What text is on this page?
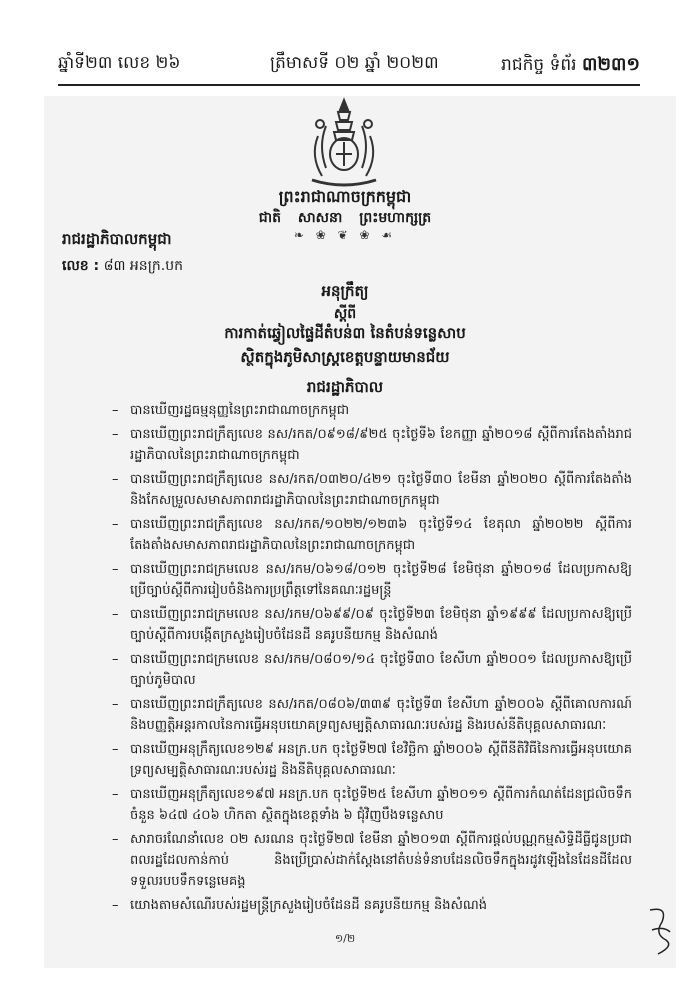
ឆ្នាំទី២៣ លេខ ២៦	ត្រឹមាសទី ០២ ឆ្នាំ ២០២៣	រាជកិច្ច ទំព័រ ៣២៣១
ព្រះរាជាណាចក្រកម្ពុជា
ជាតិ សាសនា ព្រះមហាក្សត្រ
❧ ❀ ❦ ❀ ☙
រាជរដ្ឋាភិបាលកម្ពុជា
លេខ : ៨៣ អនក្រ.បក
អនុក្រឹត្យ
ស្ដីពី
ការកាត់ឆ្វៀលផ្ទៃដីតំបន់៣ នៃតំបន់ទន្លេសាប
ស្ថិតក្នុងភូមិសាស្ត្រខេត្តបន្ទាយមានជ័យ
រាជរដ្ឋាភិបាល
– បានឃើញរដ្ឋធម្មនុញ្ញនៃព្រះរាជាណាចក្រកម្ពុជា
– បានឃើញព្រះរាជក្រឹត្យលេខ នស/រកត/០៩១៨/៩២៥ ចុះថ្ងៃទី៦ ខែកញ្ញា ឆ្នាំ២០១៨ ស្ដីពីការតែងតាំងរាជរដ្ឋាភិបាលនៃព្រះរាជាណាចក្រកម្ពុជា
– បានឃើញព្រះរាជក្រឹត្យលេខ នស/រកត/០៣២០/៤២១ ចុះថ្ងៃទី៣០ ខែមីនា ឆ្នាំ២០២០ ស្ដីពីការតែងតាំង និងកែសម្រួលសមាសភាពរាជរដ្ឋាភិបាលនៃព្រះរាជាណាចក្រកម្ពុជា
– បានឃើញព្រះរាជក្រឹត្យលេខ នស/រកត/១០២២/១២៣៦ ចុះថ្ងៃទី១៤ ខែតុលា ឆ្នាំ២០២២ ស្ដីពីការតែងតាំងសមាសភាពរាជរដ្ឋាភិបាលនៃព្រះរាជាណាចក្រកម្ពុជា
– បានឃើញព្រះរាជក្រមលេខ នស/រកម/០៦១៨/០១២ ចុះថ្ងៃទី២៨ ខែមិថុនា ឆ្នាំ២០១៨ ដែលប្រកាសឱ្យប្រើច្បាប់ស្ដីពីការរៀបចំនិងការប្រព្រឹត្តទៅនៃគណៈរដ្ឋមន្ត្រី
– បានឃើញព្រះរាជក្រមលេខ នស/រកម/០៦៩៩/០៩ ចុះថ្ងៃទី២៣ ខែមិថុនា ឆ្នាំ១៩៩៩ ដែលប្រកាសឱ្យប្រើច្បាប់ស្ដីពីការបង្កើតក្រសួងរៀបចំដែនដី នគរូបនីយកម្ម និងសំណង់
– បានឃើញព្រះរាជក្រមលេខ នស/រកម/០៨០១/១៤ ចុះថ្ងៃទី៣០ ខែសីហា ឆ្នាំ២០០១ ដែលប្រកាសឱ្យប្រើច្បាប់ភូមិបាល
– បានឃើញព្រះរាជក្រឹត្យលេខ នស/រកត/០៨០៦/៣៣៩ ចុះថ្ងៃទី៣ ខែសីហា ឆ្នាំ២០០៦ ស្ដីពីគោលការណ៍ និងបញ្ញត្តិអន្តរកាលនៃការធ្វើអនុបយោគទ្រព្យសម្បត្តិសាធារណៈរបស់រដ្ឋ និងរបស់នីតិបុគ្គលសាធារណៈ
– បានឃើញអនុក្រឹត្យលេខ១២៩ អនក្រ.បក ចុះថ្ងៃទី២៧ ខែវិច្ឆិកា ឆ្នាំ២០០៦ ស្ដីពីនីតិវិធីនៃការធ្វើអនុបយោគទ្រព្យសម្បត្តិសាធារណៈរបស់រដ្ឋ និងនីតិបុគ្គលសាធារណៈ
– បានឃើញអនុក្រឹត្យលេខ១៩៧ អនក្រ.បក ចុះថ្ងៃទី២៥ ខែសីហា ឆ្នាំ២០១១ ស្ដីពីការកំណត់ដែនជ្រលិចទឹកចំនួន ៦៤៧ ៤០៦ ហិកតា ស្ថិតក្នុងខេត្តទាំង ៦ ជុំវិញបឹងទន្លេសាប
– សារាចរណែនាំលេខ ០២ សរណន ចុះថ្ងៃទី២៧ ខែមីនា ឆ្នាំ២០១៣ ស្ដីពីការផ្ដល់បណ្ណកម្មសិទ្ធិដីធ្លីជូនប្រជាពលរដ្ឋដែលកាន់កាប់ និងប្រើប្រាស់ដាក់ស្ដែងនៅតំបន់ទំនាបដែនលិចទឹកក្នុងរដូវឡើងនៃដែនដីដែលទទួលរបបទឹកទន្លេមេគង្គ
– យោងតាមសំណើរបស់រដ្ឋមន្ត្រីក្រសួងរៀបចំដែនដី នគរូបនីយកម្ម និងសំណង់
១/២
